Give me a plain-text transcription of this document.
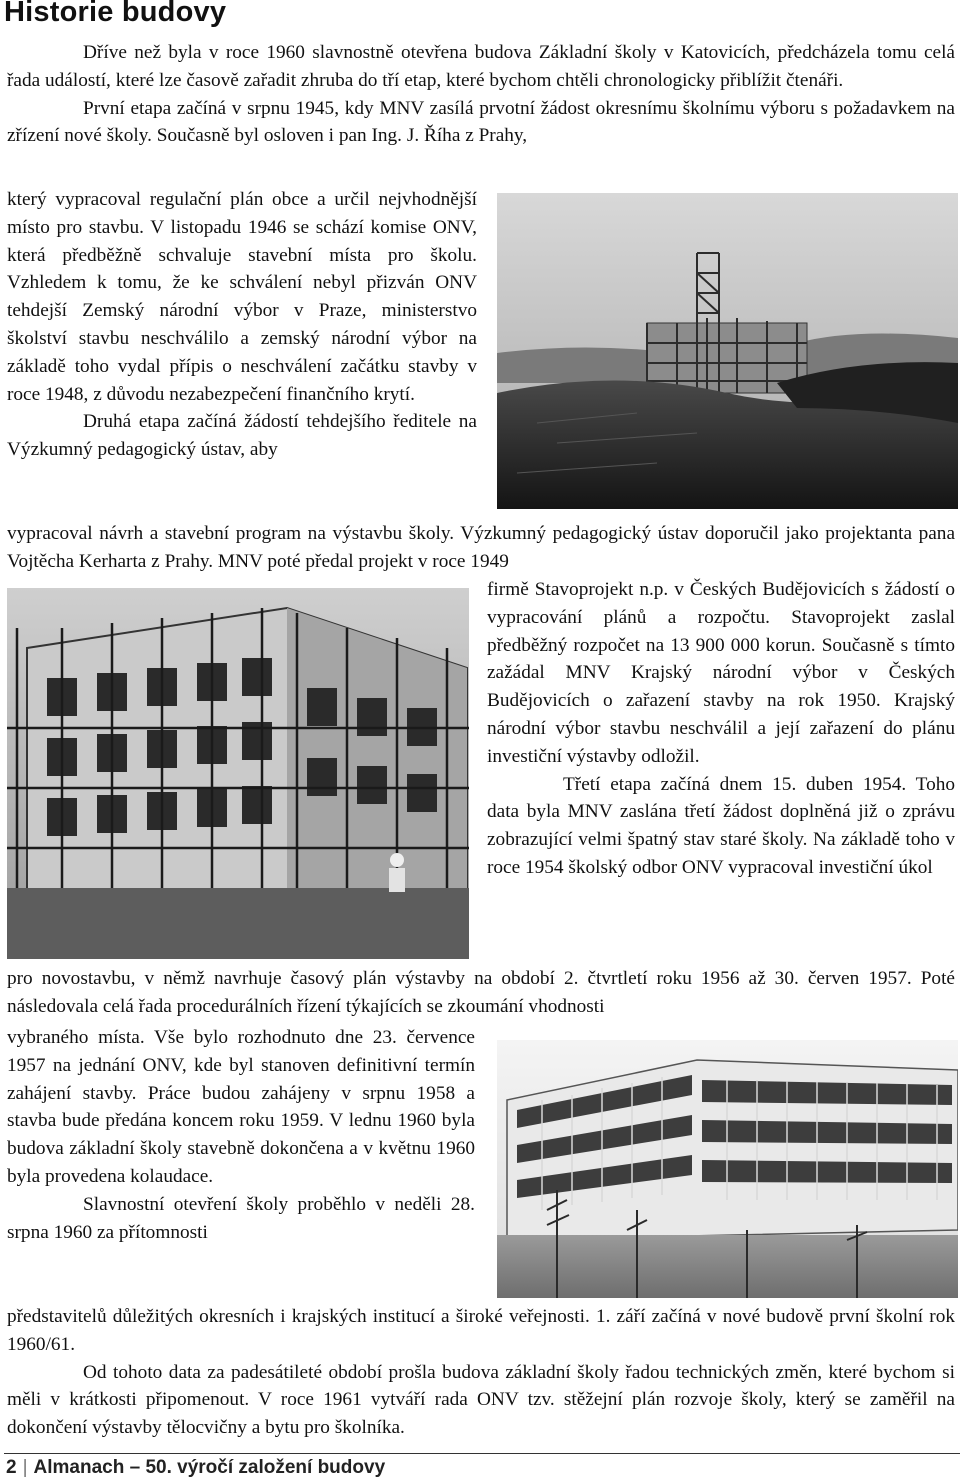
Historie budovy

Dříve než byla v roce 1960 slavnostně otevřena budova Základní školy v Katovicích, předcházela tomu celá řada událostí, které lze časově zařadit zhruba do tří etap, které bychom chtěli chronologicky přiblížit čtenáři.

První etapa začíná v srpnu 1945, kdy MNV zasílá prvotní žádost okresnímu školnímu výboru s požadavkem na zřízení nové školy. Současně byl osloven i pan Ing. J. Říha z Prahy,

který vypracoval regulační plán obce a určil nejvhodnější místo pro stavbu. V listopadu 1946 se schází komise ONV, která předběžně schvaluje stavební místa pro školu. Vzhledem k tomu, že ke schválení nebyl přizván ONV tehdejší Zemský národní výbor v Praze, ministerstvo školství stavbu neschválilo a zemský národní výbor na základě toho vydal přípis o neschválení začátku stavby v roce 1948, z důvodu nezabezpečení finančního krytí.

Druhá etapa začíná žádostí tehdejšího ředitele na Výzkumný pedagogický ústav, aby

vypracoval návrh a stavební program na výstavbu školy. Výzkumný pedagogický ústav doporučil jako projektanta pana Vojtěcha Kerharta z Prahy. MNV poté předal projekt v roce 1949

firmě Stavoprojekt n.p. v Českých Budějovicích s žádostí o vypracování plánů a rozpočtu. Stavoprojekt zaslal předběžný rozpočet na 13 900 000 korun. Současně s tímto zažádal MNV Krajský národní výbor v Českých Budějovicích o zařazení stavby na rok 1950. Krajský národní výbor stavbu neschválil a její zařazení do plánu investiční výstavby odložil.

Třetí etapa začíná dnem 15. duben 1954. Toho data byla MNV zaslána třetí žádost doplněná již o zprávu zobrazující velmi špatný stav staré školy. Na základě toho v roce 1954 školský odbor ONV vypracoval investiční úkol

pro novostavbu, v němž navrhuje časový plán výstavby na období 2. čtvrtletí roku 1956 až 30. červen 1957. Poté následovala celá řada procedurálních řízení týkajících se zkoumání vhodnosti

vybraného místa. Vše bylo rozhodnuto dne 23. července 1957 na jednání ONV, kde byl stanoven definitivní termín zahájení stavby. Práce budou zahájeny v srpnu 1958 a stavba bude předána koncem roku 1959. V lednu 1960 byla budova základní školy stavebně dokončena a v květnu 1960 byla provedena kolaudace.

Slavnostní otevření školy proběhlo v neděli 28. srpna 1960 za přítomnosti

představitelů důležitých okresních i krajských institucí a široké veřejnosti. 1. září začíná v nové budově první školní rok 1960/61.

Od tohoto data za padesátileté období prošla budova základní školy řadou technických změn, které bychom si měli v krátkosti připomenout. V roce 1961 vytváří rada ONV tzv. stěžejní plán rozvoje školy, který se zaměřil na dokončení výstavby tělocvičny a bytu pro školníka.

2 | Almanach – 50. výročí založení budovy
